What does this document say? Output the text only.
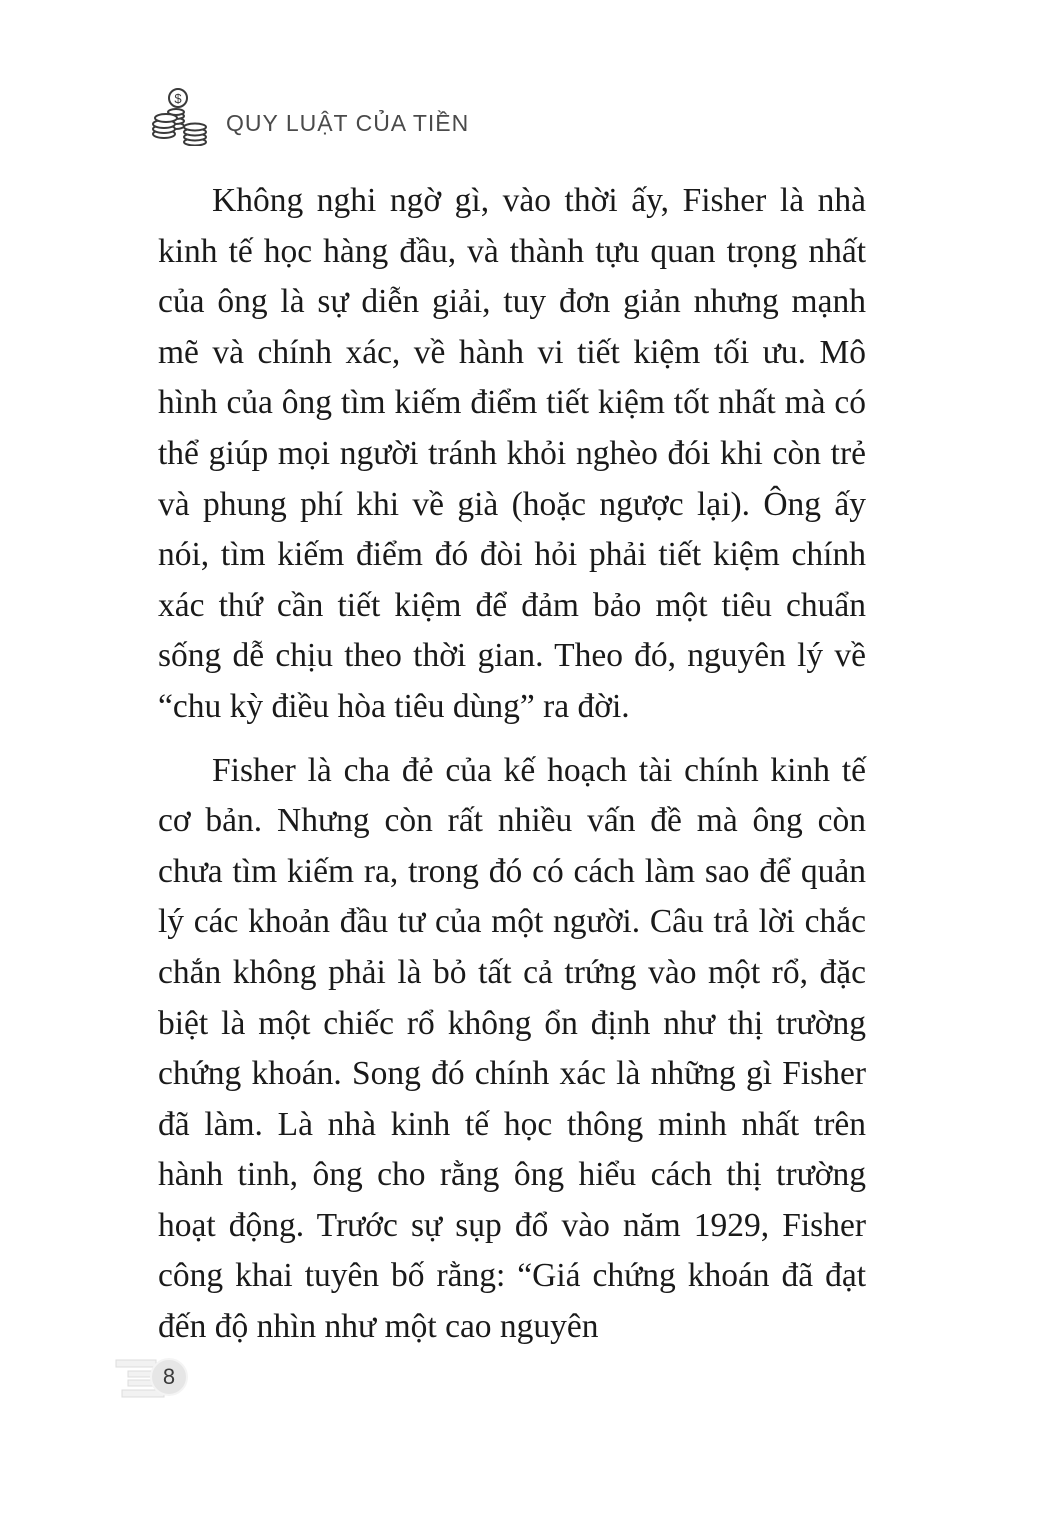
$
QUY LUẬT CỦA TIỀN

Không nghi ngờ gì, vào thời ấy, Fisher là nhà kinh tế học hàng đầu, và thành tựu quan trọng nhất của ông là sự diễn giải, tuy đơn giản nhưng mạnh mẽ và chính xác, về hành vi tiết kiệm tối ưu. Mô hình của ông tìm kiếm điểm tiết kiệm tốt nhất mà có thể giúp mọi người tránh khỏi nghèo đói khi còn trẻ và phung phí khi về già (hoặc ngược lại). Ông ấy nói, tìm kiếm điểm đó đòi hỏi phải tiết kiệm chính xác thứ cần tiết kiệm để đảm bảo một tiêu chuẩn sống dễ chịu theo thời gian. Theo đó, nguyên lý về “chu kỳ điều hòa tiêu dùng” ra đời.

Fisher là cha đẻ của kế hoạch tài chính kinh tế cơ bản. Nhưng còn rất nhiều vấn đề mà ông còn chưa tìm kiếm ra, trong đó có cách làm sao để quản lý các khoản đầu tư của một người. Câu trả lời chắc chắn không phải là bỏ tất cả trứng vào một rổ, đặc biệt là một chiếc rổ không ổn định như thị trường chứng khoán. Song đó chính xác là những gì Fisher đã làm. Là nhà kinh tế học thông minh nhất trên hành tinh, ông cho rằng ông hiểu cách thị trường hoạt động. Trước sự sụp đổ vào năm 1929, Fisher công khai tuyên bố rằng: “Giá chứng khoán đã đạt đến độ nhìn như một cao nguyên

8
